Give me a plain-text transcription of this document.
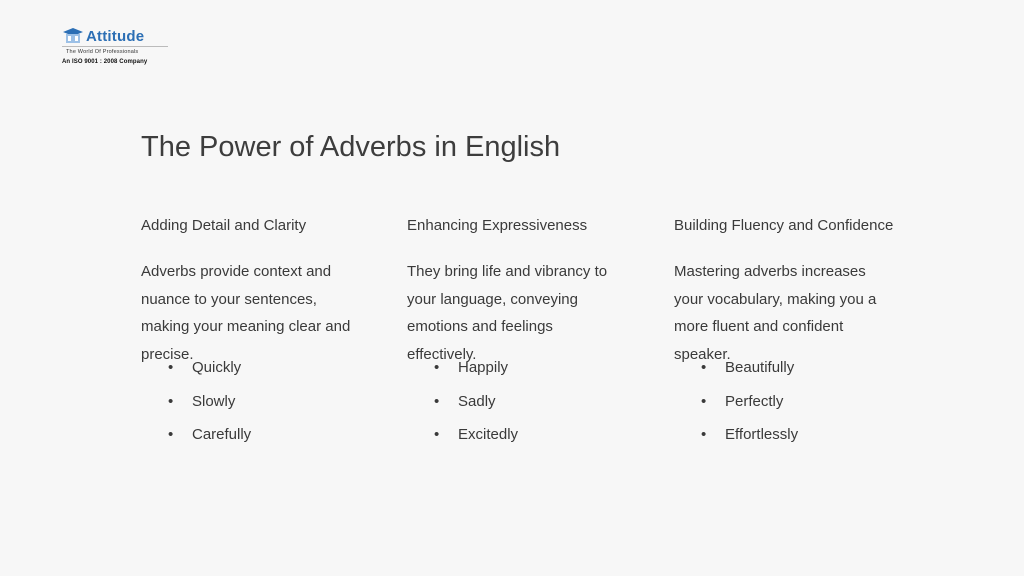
Attitude
The World Of Professionals
An ISO 9001 : 2008 Company
The Power of Adverbs in English
Adding Detail and Clarity
Adverbs provide context and nuance to your sentences, making your meaning clear and precise.
Enhancing Expressiveness
They bring life and vibrancy to your language, conveying emotions and feelings effectively.
Building Fluency and Confidence
Mastering adverbs increases your vocabulary, making you a more fluent and confident speaker.
•	Quickly
•	Slowly
•	Carefully
•	Happily
•	Sadly
•	Excitedly
•	Beautifully
•	Perfectly
•	Effortlessly
